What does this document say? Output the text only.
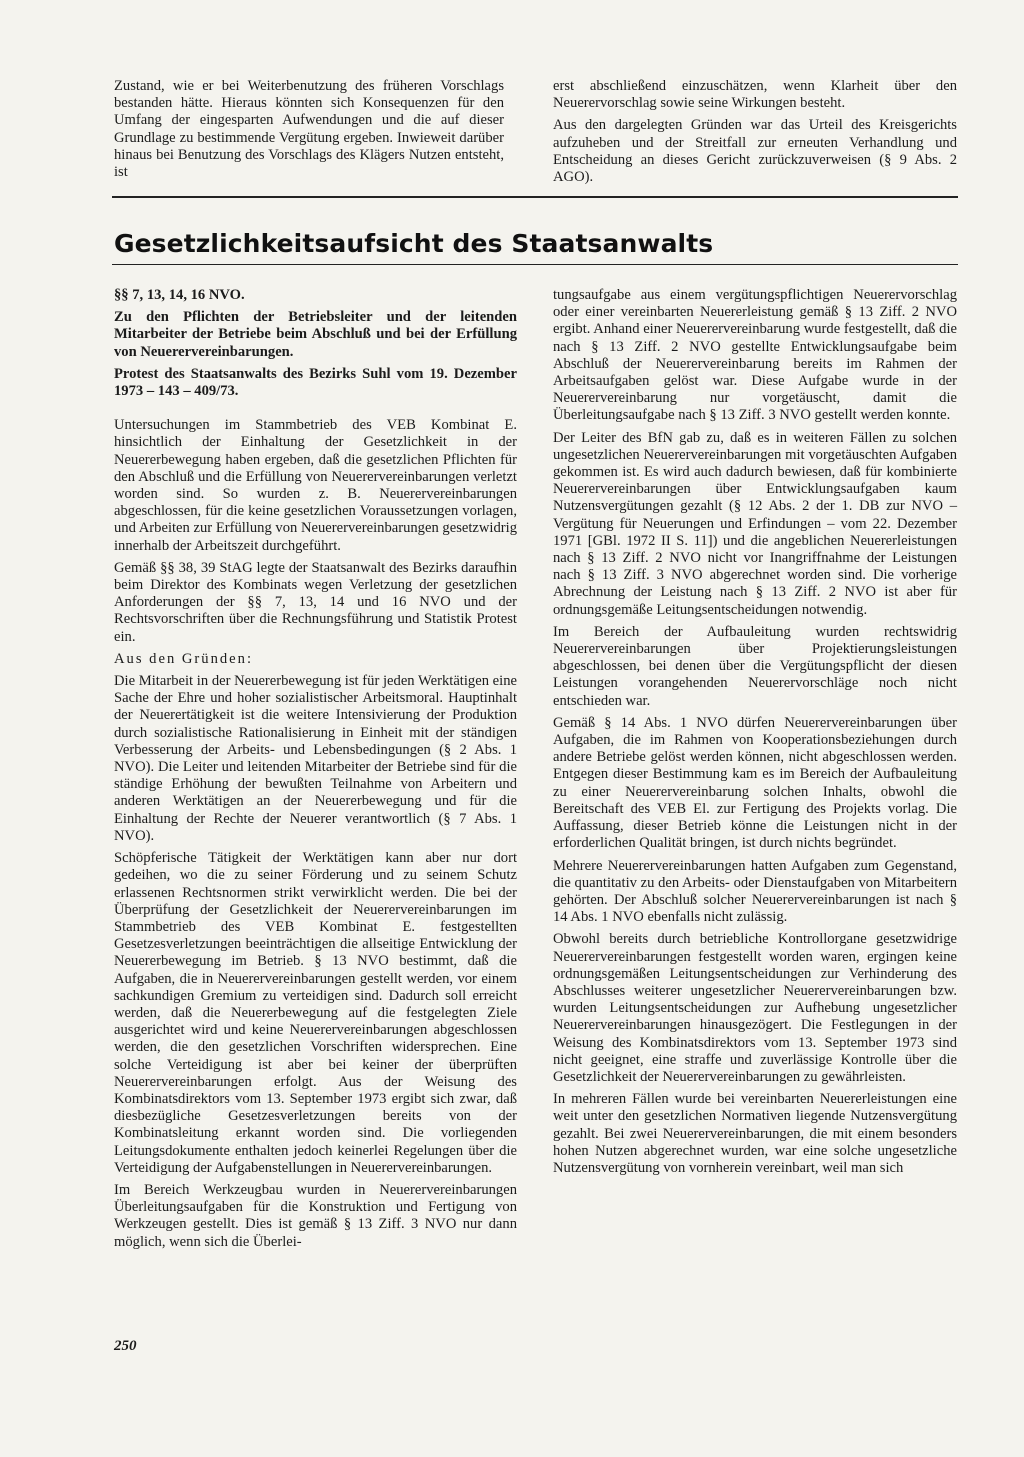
Zustand, wie er bei Weiterbenutzung des früheren Vorschlags bestanden hätte. Hieraus könnten sich Konsequenzen für den Umfang der eingesparten Aufwendungen und die auf dieser Grundlage zu bestimmende Vergütung ergeben. Inwieweit darüber hinaus bei Benutzung des Vorschlags des Klägers Nutzen entsteht, ist

erst abschließend einzuschätzen, wenn Klarheit über den Neuerervorschlag sowie seine Wirkungen besteht.

Aus den dargelegten Gründen war das Urteil des Kreisgerichts aufzuheben und der Streitfall zur erneuten Verhandlung und Entscheidung an dieses Gericht zurückzuverweisen (§ 9 Abs. 2 AGO).

Gesetzlichkeitsaufsicht des Staatsanwalts

§§ 7, 13, 14, 16 NVO.

Zu den Pflichten der Betriebsleiter und der leitenden Mitarbeiter der Betriebe beim Abschluß und bei der Erfüllung von Neuerervereinbarungen.

Protest des Staatsanwalts des Bezirks Suhl vom 19. Dezember 1973 – 143 – 409/73.

Untersuchungen im Stammbetrieb des VEB Kombinat E. hinsichtlich der Einhaltung der Gesetzlichkeit in der Neuererbewegung haben ergeben, daß die gesetzlichen Pflichten für den Abschluß und die Erfüllung von Neuerervereinbarungen verletzt worden sind. So wurden z. B. Neuerervereinbarungen abgeschlossen, für die keine gesetzlichen Voraussetzungen vorlagen, und Arbeiten zur Erfüllung von Neuerervereinbarungen gesetzwidrig innerhalb der Arbeitszeit durchgeführt.

Gemäß §§ 38, 39 StAG legte der Staatsanwalt des Bezirks daraufhin beim Direktor des Kombinats wegen Verletzung der gesetzlichen Anforderungen der §§ 7, 13, 14 und 16 NVO und der Rechtsvorschriften über die Rechnungsführung und Statistik Protest ein.

Aus den Gründen:

Die Mitarbeit in der Neuererbewegung ist für jeden Werktätigen eine Sache der Ehre und hoher sozialistischer Arbeitsmoral. Hauptinhalt der Neuerertätigkeit ist die weitere Intensivierung der Produktion durch sozialistische Rationalisierung in Einheit mit der ständigen Verbesserung der Arbeits- und Lebensbedingungen (§ 2 Abs. 1 NVO). Die Leiter und leitenden Mitarbeiter der Betriebe sind für die ständige Erhöhung der bewußten Teilnahme von Arbeitern und anderen Werktätigen an der Neuererbewegung und für die Einhaltung der Rechte der Neuerer verantwortlich (§ 7 Abs. 1 NVO).

Schöpferische Tätigkeit der Werktätigen kann aber nur dort gedeihen, wo die zu seiner Förderung und zu seinem Schutz erlassenen Rechtsnormen strikt verwirklicht werden. Die bei der Überprüfung der Gesetzlichkeit der Neuerervereinbarungen im Stammbetrieb des VEB Kombinat E. festgestellten Gesetzesverletzungen beeinträchtigen die allseitige Entwicklung der Neuererbewegung im Betrieb. § 13 NVO bestimmt, daß die Aufgaben, die in Neuerervereinbarungen gestellt werden, vor einem sachkundigen Gremium zu verteidigen sind. Dadurch soll erreicht werden, daß die Neuererbewegung auf die festgelegten Ziele ausgerichtet wird und keine Neuerervereinbarungen abgeschlossen werden, die den gesetzlichen Vorschriften widersprechen. Eine solche Verteidigung ist aber bei keiner der überprüften Neuerervereinbarungen erfolgt. Aus der Weisung des Kombinatsdirektors vom 13. September 1973 ergibt sich zwar, daß diesbezügliche Gesetzesverletzungen bereits von der Kombinatsleitung erkannt worden sind. Die vorliegenden Leitungsdokumente enthalten jedoch keinerlei Regelungen über die Verteidigung der Aufgabenstellungen in Neuerervereinbarungen.

Im Bereich Werkzeugbau wurden in Neuerervereinbarungen Überleitungsaufgaben für die Konstruktion und Fertigung von Werkzeugen gestellt. Dies ist gemäß § 13 Ziff. 3 NVO nur dann möglich, wenn sich die Überlei-

tungsaufgabe aus einem vergütungspflichtigen Neuerervorschlag oder einer vereinbarten Neuererleistung gemäß § 13 Ziff. 2 NVO ergibt. Anhand einer Neuerervereinbarung wurde festgestellt, daß die nach § 13 Ziff. 2 NVO gestellte Entwicklungsaufgabe beim Abschluß der Neuerervereinbarung bereits im Rahmen der Arbeitsaufgaben gelöst war. Diese Aufgabe wurde in der Neuerervereinbarung nur vorgetäuscht, damit die Überleitungsaufgabe nach § 13 Ziff. 3 NVO gestellt werden konnte.

Der Leiter des BfN gab zu, daß es in weiteren Fällen zu solchen ungesetzlichen Neuerervereinbarungen mit vorgetäuschten Aufgaben gekommen ist. Es wird auch dadurch bewiesen, daß für kombinierte Neuerervereinbarungen über Entwicklungsaufgaben kaum Nutzensvergütungen gezahlt (§ 12 Abs. 2 der 1. DB zur NVO – Vergütung für Neuerungen und Erfindungen – vom 22. Dezember 1971 [GBl. 1972 II S. 11]) und die angeblichen Neuererleistungen nach § 13 Ziff. 2 NVO nicht vor Inangriffnahme der Leistungen nach § 13 Ziff. 3 NVO abgerechnet worden sind. Die vorherige Abrechnung der Leistung nach § 13 Ziff. 2 NVO ist aber für ordnungsgemäße Leitungsentscheidungen notwendig.

Im Bereich der Aufbauleitung wurden rechtswidrig Neuerervereinbarungen über Projektierungsleistungen abgeschlossen, bei denen über die Vergütungspflicht der diesen Leistungen vorangehenden Neuerervorschläge noch nicht entschieden war.

Gemäß § 14 Abs. 1 NVO dürfen Neuerervereinbarungen über Aufgaben, die im Rahmen von Kooperationsbeziehungen durch andere Betriebe gelöst werden können, nicht abgeschlossen werden. Entgegen dieser Bestimmung kam es im Bereich der Aufbauleitung zu einer Neuerervereinbarung solchen Inhalts, obwohl die Bereitschaft des VEB El. zur Fertigung des Projekts vorlag. Die Auffassung, dieser Betrieb könne die Leistungen nicht in der erforderlichen Qualität bringen, ist durch nichts begründet.

Mehrere Neuerervereinbarungen hatten Aufgaben zum Gegenstand, die quantitativ zu den Arbeits- oder Dienstaufgaben von Mitarbeitern gehörten. Der Abschluß solcher Neuerervereinbarungen ist nach § 14 Abs. 1 NVO ebenfalls nicht zulässig.

Obwohl bereits durch betriebliche Kontrollorgane gesetzwidrige Neuerervereinbarungen festgestellt worden waren, ergingen keine ordnungsgemäßen Leitungsentscheidungen zur Verhinderung des Abschlusses weiterer ungesetzlicher Neuerervereinbarungen bzw. wurden Leitungsentscheidungen zur Aufhebung ungesetzlicher Neuerervereinbarungen hinausgezögert. Die Festlegungen in der Weisung des Kombinatsdirektors vom 13. September 1973 sind nicht geeignet, eine straffe und zuverlässige Kontrolle über die Gesetzlichkeit der Neuerervereinbarungen zu gewährleisten.

In mehreren Fällen wurde bei vereinbarten Neuererleistungen eine weit unter den gesetzlichen Normativen liegende Nutzensvergütung gezahlt. Bei zwei Neuerervereinbarungen, die mit einem besonders hohen Nutzen abgerechnet wurden, war eine solche ungesetzliche Nutzensvergütung von vornherein vereinbart, weil man sich

250
